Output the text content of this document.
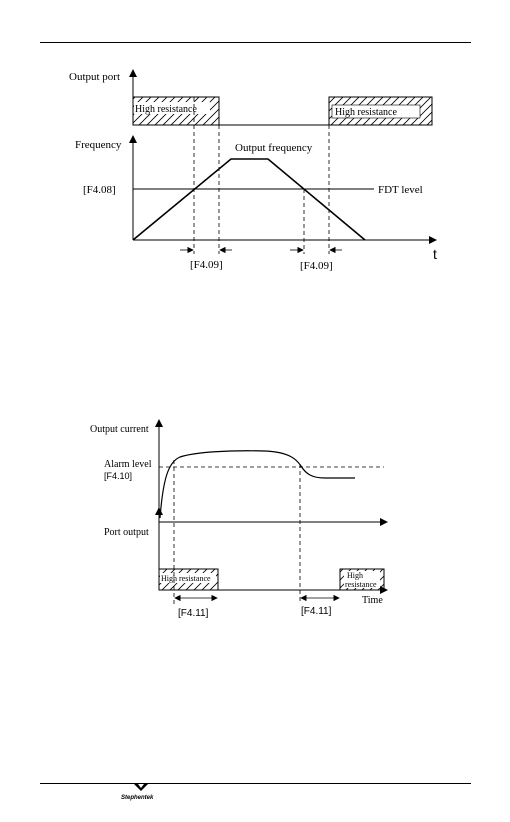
Output port
High resistance	High resistance
Frequency
t
[F4.08]	FDT level
Output frequency
[F4.09]	[F4.09]
Output current
Alarm level
[F4.10]
Port output
Time
High resistance	High
resistance
[F4.11]	[F4.11]
Stephentek
